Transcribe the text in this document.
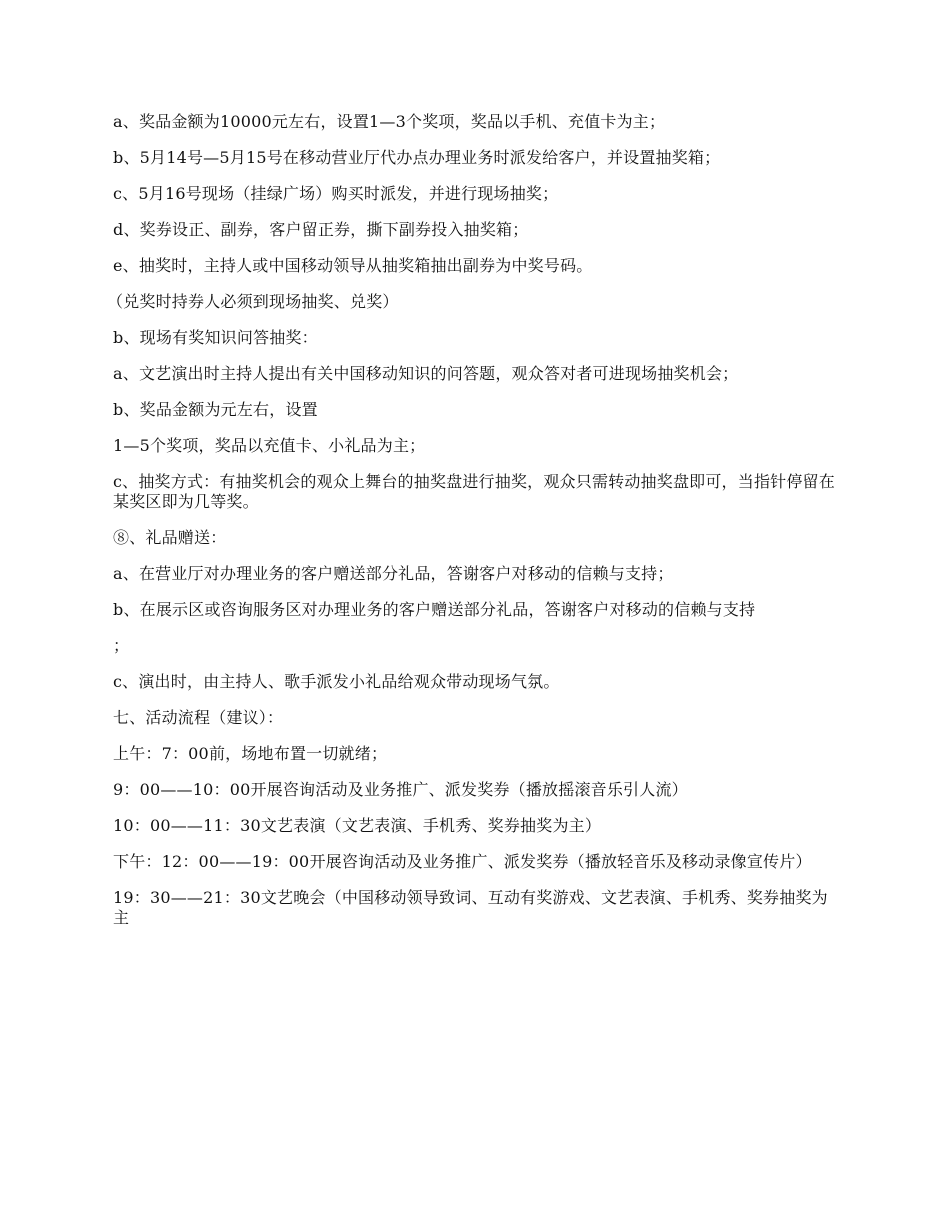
a、奖品金额为10000元左右，设置1—3个奖项，奖品以手机、充值卡为主；

b、5月14号—5月15号在移动营业厅代办点办理业务时派发给客户，并设置抽奖箱；

c、5月16号现场（挂绿广场）购买时派发，并进行现场抽奖；

d、奖券设正、副券，客户留正券，撕下副券投入抽奖箱；

e、抽奖时，主持人或中国移动领导从抽奖箱抽出副券为中奖号码。

（兑奖时持券人必须到现场抽奖、兑奖）

b、现场有奖知识问答抽奖：

a、文艺演出时主持人提出有关中国移动知识的问答题，观众答对者可进现场抽奖机会；

b、奖品金额为元左右，设置

1—5个奖项，奖品以充值卡、小礼品为主；

c、抽奖方式：有抽奖机会的观众上舞台的抽奖盘进行抽奖，观众只需转动抽奖盘即可，当指针停留在某奖区即为几等奖。

⑧、礼品赠送：

a、在营业厅对办理业务的客户赠送部分礼品，答谢客户对移动的信赖与支持；

b、在展示区或咨询服务区对办理业务的客户赠送部分礼品，答谢客户对移动的信赖与支持

；

c、演出时，由主持人、歌手派发小礼品给观众带动现场气氛。

七、活动流程（建议）：

上午：7：00前，场地布置一切就绪；

9：00——10：00开展咨询活动及业务推广、派发奖券（播放摇滚音乐引人流）

10：00——11：30文艺表演（文艺表演、手机秀、奖券抽奖为主）

下午：12：00——19：00开展咨询活动及业务推广、派发奖券（播放轻音乐及移动录像宣传片）

19：30——21：30文艺晚会（中国移动领导致词、互动有奖游戏、文艺表演、手机秀、奖券抽奖为主
